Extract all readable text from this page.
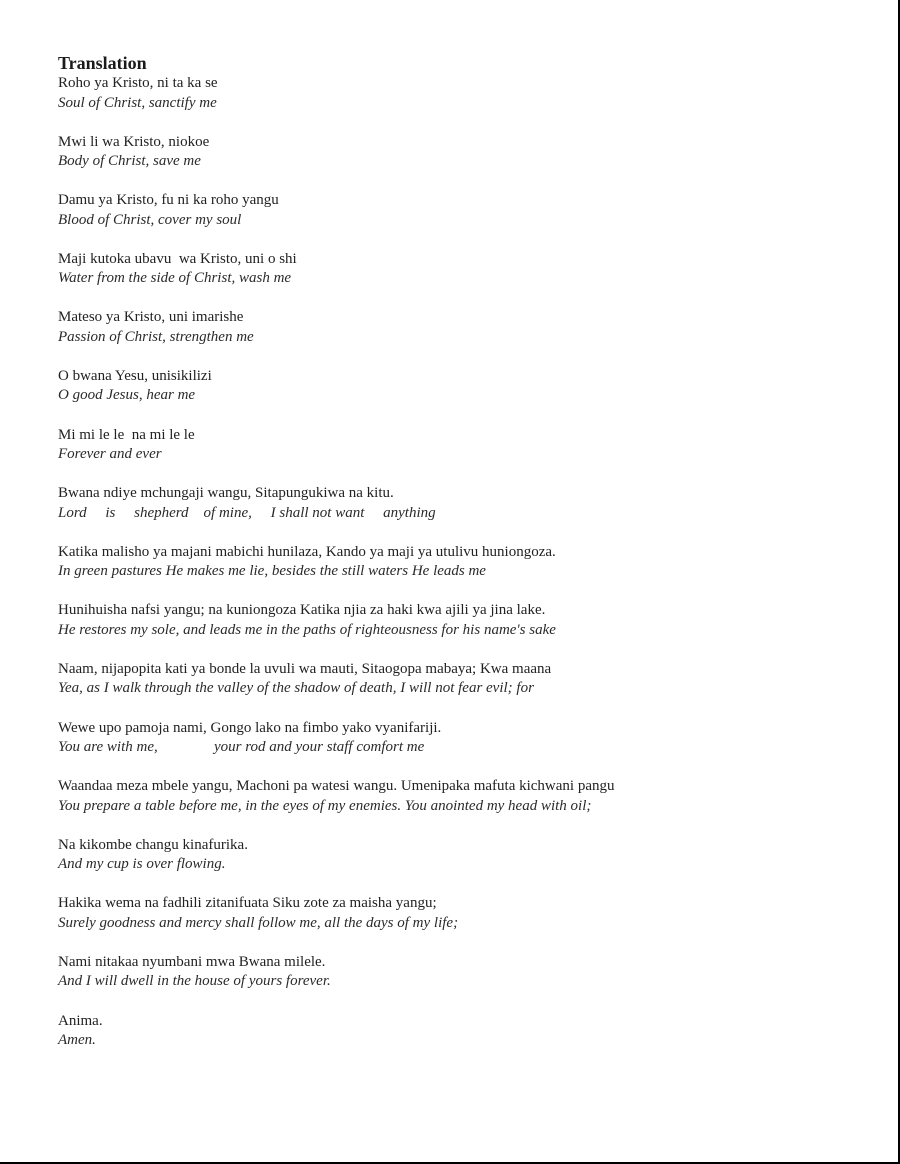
Translation
Roho ya Kristo, ni ta ka se
Soul of Christ, sanctify me
Mwi li wa Kristo, niokoe
Body of Christ, save me
Damu ya Kristo, fu ni ka roho yangu
Blood of Christ, cover my soul
Maji kutoka ubavu  wa Kristo, uni o shi
Water from the side of Christ, wash me
Mateso ya Kristo, uni imarishe
Passion of Christ, strengthen me
O bwana Yesu, unisikilizi
O good Jesus, hear me
Mi mi le le  na mi le le
Forever and ever
Bwana ndiye mchungaji wangu, Sitapungukiwa na kitu.
Lord     is     shepherd    of mine,     I shall not want     anything
Katika malisho ya majani mabichi hunilaza, Kando ya maji ya utulivu huniongoza.
In green pastures He makes me lie, besides the still waters He leads me
Hunihuisha nafsi yangu; na kuniongoza Katika njia za haki kwa ajili ya jina lake.
He restores my sole, and leads me in the paths of righteousness for his name's sake
Naam, nijapopita kati ya bonde la uvuli wa mauti, Sitaogopa mabaya; Kwa maana
Yea, as I walk through the valley of the shadow of death, I will not fear evil; for
Wewe upo pamoja nami, Gongo lako na fimbo yako vyanifariji.
You are with me,               your rod and your staff comfort me
Waandaa meza mbele yangu, Machoni pa watesi wangu. Umenipaka mafuta kichwani pangu
You prepare a table before me, in the eyes of my enemies. You anointed my head with oil;
Na kikombe changu kinafurika.
And my cup is over flowing.
Hakika wema na fadhili zitanifuata Siku zote za maisha yangu;
Surely goodness and mercy shall follow me, all the days of my life;
Nami nitakaa nyumbani mwa Bwana milele.
And I will dwell in the house of yours forever.
Anima.
Amen.
